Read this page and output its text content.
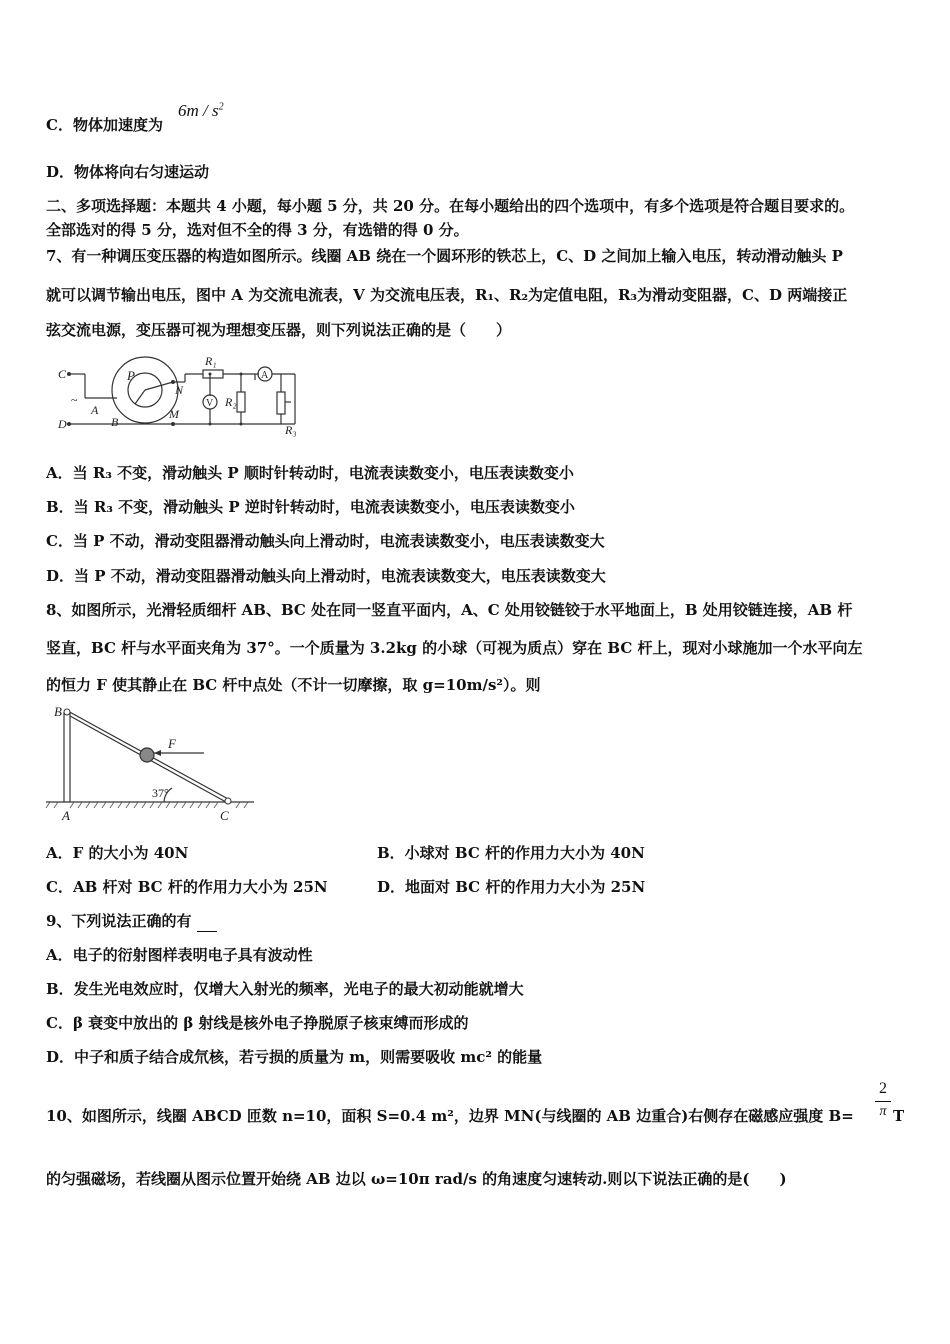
C．物体加速度为
$6m / s^2$
D．物体将向右匀速运动
二、多项选择题：本题共 4 小题，每小题 5 分，共 20 分。在每小题给出的四个选项中，有多个选项是符合题目要求的。
全部选对的得 5 分，选对但不全的得 3 分，有选错的得 0 分。
7、有一种调压变压器的构造如图所示。线圈 AB 绕在一个圆环形的铁芯上，C、D 之间加上输入电压，转动滑动触头 P
就可以调节输出电压，图中 A 为交流电流表，V 为交流电压表，R₁、R₂为定值电阻，R₃为滑动变阻器，C、D 两端接正
弦交流电源，变压器可视为理想变压器，则下列说法正确的是（　　）
C
D
~
A
B
P
N
M
R₁
R₂
R₃
A
V
A．当 R₃ 不变，滑动触头 P 顺时针转动时，电流表读数变小，电压表读数变小
B．当 R₃ 不变，滑动触头 P 逆时针转动时，电流表读数变小，电压表读数变小
C．当 P 不动，滑动变阻器滑动触头向上滑动时，电流表读数变小，电压表读数变大
D．当 P 不动，滑动变阻器滑动触头向上滑动时，电流表读数变大，电压表读数变大
8、如图所示，光滑轻质细杆 AB、BC 处在同一竖直平面内，A、C 处用铰链铰于水平地面上，B 处用铰链连接，AB 杆
竖直，BC 杆与水平面夹角为 37°。一个质量为 3.2kg 的小球（可视为质点）穿在 BC 杆上，现对小球施加一个水平向左
的恒力 F 使其静止在 BC 杆中点处（不计一切摩擦，取 g=10m/s²）。则
B
A	C
F
37°
A．F 的大小为 40N	B．小球对 BC 杆的作用力大小为 40N
C．AB 杆对 BC 杆的作用力大小为 25N	D．地面对 BC 杆的作用力大小为 25N
9、下列说法正确的有
A．电子的衍射图样表明电子具有波动性
B．发生光电效应时，仅增大入射光的频率，光电子的最大初动能就增大
C．β 衰变中放出的 β 射线是核外电子挣脱原子核束缚而形成的
D．中子和质子结合成氘核，若亏损的质量为 m，则需要吸收 mc² 的能量
10、如图所示，线圈 ABCD 匝数 n=10，面积 S=0.4 m²，边界 MN(与线圈的 AB 边重合)右侧存在磁感应强度 B=
2
π T
的匀强磁场，若线圈从图示位置开始绕 AB 边以 ω=10π rad/s 的角速度匀速转动.则以下说法正确的是(　　)
